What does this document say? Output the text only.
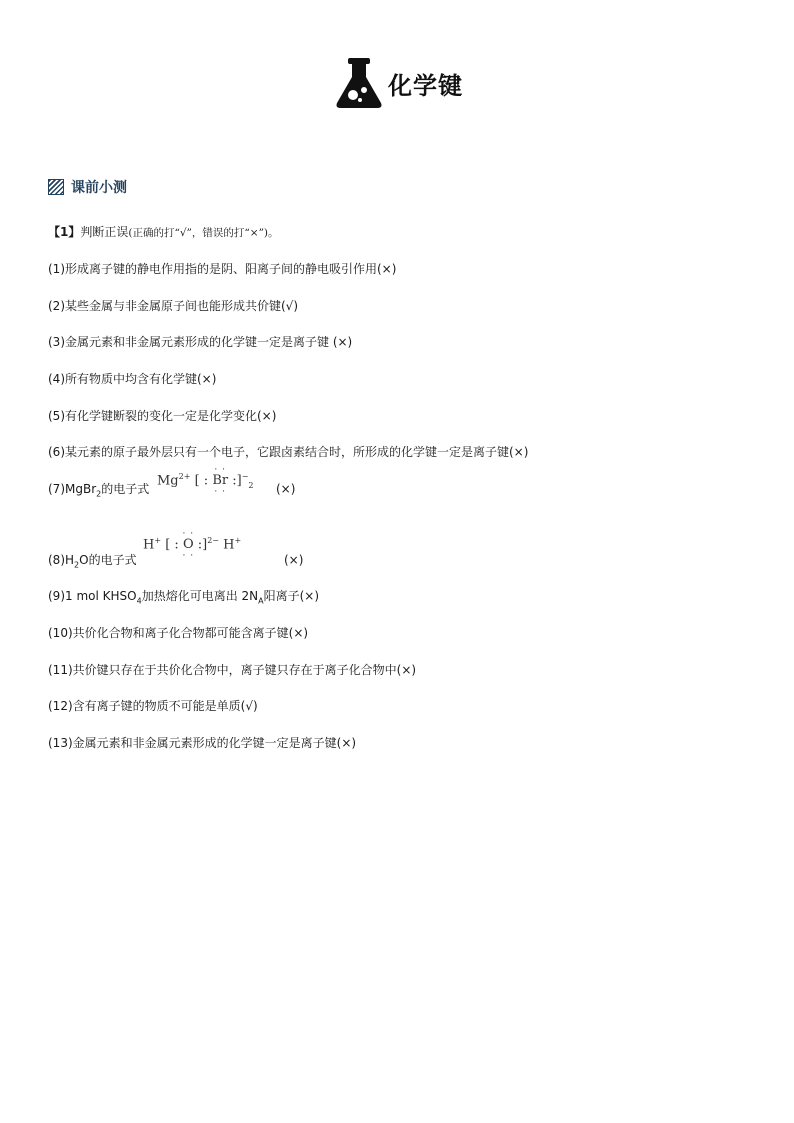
化学键
课前小测
【1】判断正误(正确的打“√”，错误的打“×”)。
(1)形成离子键的静电作用指的是阴、阳离子间的静电吸引作用(×)
(2)某些金属与非金属原子间也能形成共价键(√)
(3)金属元素和非金属元素形成的化学键一定是离子键 (×)
(4)所有物质中均含有化学键(×)
(5)有化学键断裂的变化一定是化学变化(×)
(6)某元素的原子最外层只有一个电子，它跟卤素结合时，所形成的化学键一定是离子键(×)
(7)MgBr$_2$的电子式
$Mg^{2+}$ [ : · · Br · · $:]^-_2$ (×)
H+ [ : · · O · · :]$^{2-}$ H+
$(8)H_2O$的电子式	(×)
(9)1 mol $KHSO_4$加热熔化可电离出 $2N_A$阳离子(×)
(10)共价化合物和离子化合物都可能含离子键(×)
(11)共价键只存在于共价化合物中，离子键只存在于离子化合物中(×)
(12)含有离子键的物质不可能是单质(√)
(13)金属元素和非金属元素形成的化学键一定是离子键(×)
